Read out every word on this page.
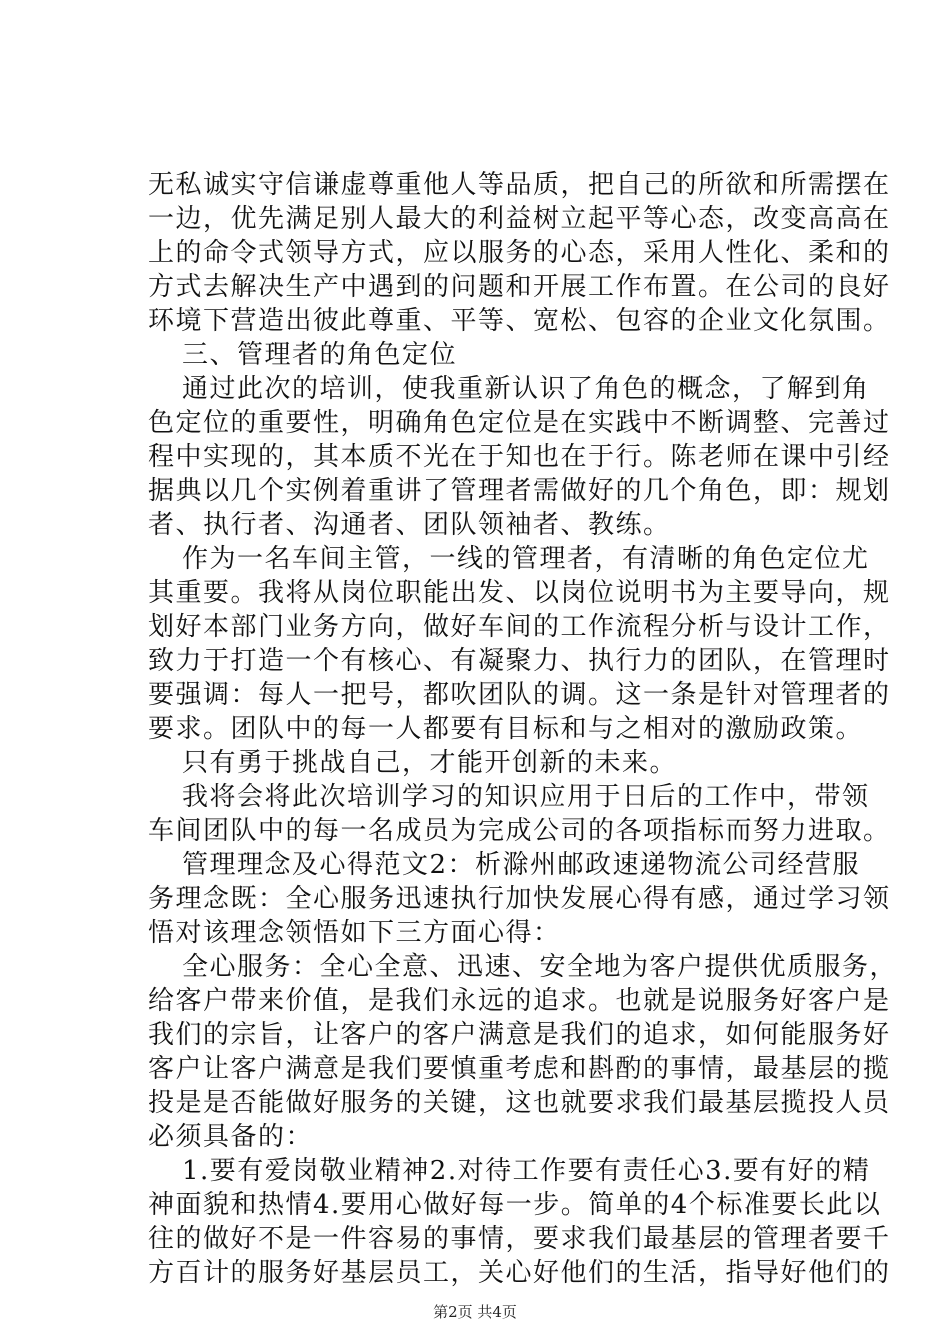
无私诚实守信谦虚尊重他人等品质，把自己的所欲和所需摆在
一边，优先满足别人最大的利益树立起平等心态，改变高高在
上的命令式领导方式，应以服务的心态，采用人性化、柔和的
方式去解决生产中遇到的问题和开展工作布置。在公司的良好
环境下营造出彼此尊重、平等、宽松、包容的企业文化氛围。
三、管理者的角色定位
通过此次的培训，使我重新认识了角色的概念，了解到角
色定位的重要性，明确角色定位是在实践中不断调整、完善过
程中实现的，其本质不光在于知也在于行。陈老师在课中引经
据典以几个实例着重讲了管理者需做好的几个角色，即：规划
者、执行者、沟通者、团队领袖者、教练。
作为一名车间主管，一线的管理者，有清晰的角色定位尤
其重要。我将从岗位职能出发、以岗位说明书为主要导向，规
划好本部门业务方向，做好车间的工作流程分析与设计工作，
致力于打造一个有核心、有凝聚力、执行力的团队，在管理时
要强调：每人一把号，都吹团队的调。这一条是针对管理者的
要求。团队中的每一人都要有目标和与之相对的激励政策。
只有勇于挑战自己，才能开创新的未来。
我将会将此次培训学习的知识应用于日后的工作中，带领
车间团队中的每一名成员为完成公司的各项指标而努力进取。
管理理念及心得范文2：析滁州邮政速递物流公司经营服
务理念既：全心服务迅速执行加快发展心得有感，通过学习领
悟对该理念领悟如下三方面心得：
全心服务：全心全意、迅速、安全地为客户提供优质服务，
给客户带来价值，是我们永远的追求。也就是说服务好客户是
我们的宗旨，让客户的客户满意是我们的追求，如何能服务好
客户让客户满意是我们要慎重考虑和斟酌的事情，最基层的揽
投是是否能做好服务的关键，这也就要求我们最基层揽投人员
必须具备的：
1.要有爱岗敬业精神2.对待工作要有责任心3.要有好的精
神面貌和热情4.要用心做好每一步。简单的4个标准要长此以
往的做好不是一件容易的事情，要求我们最基层的管理者要千
方百计的服务好基层员工，关心好他们的生活，指导好他们的
第2页 共4页
